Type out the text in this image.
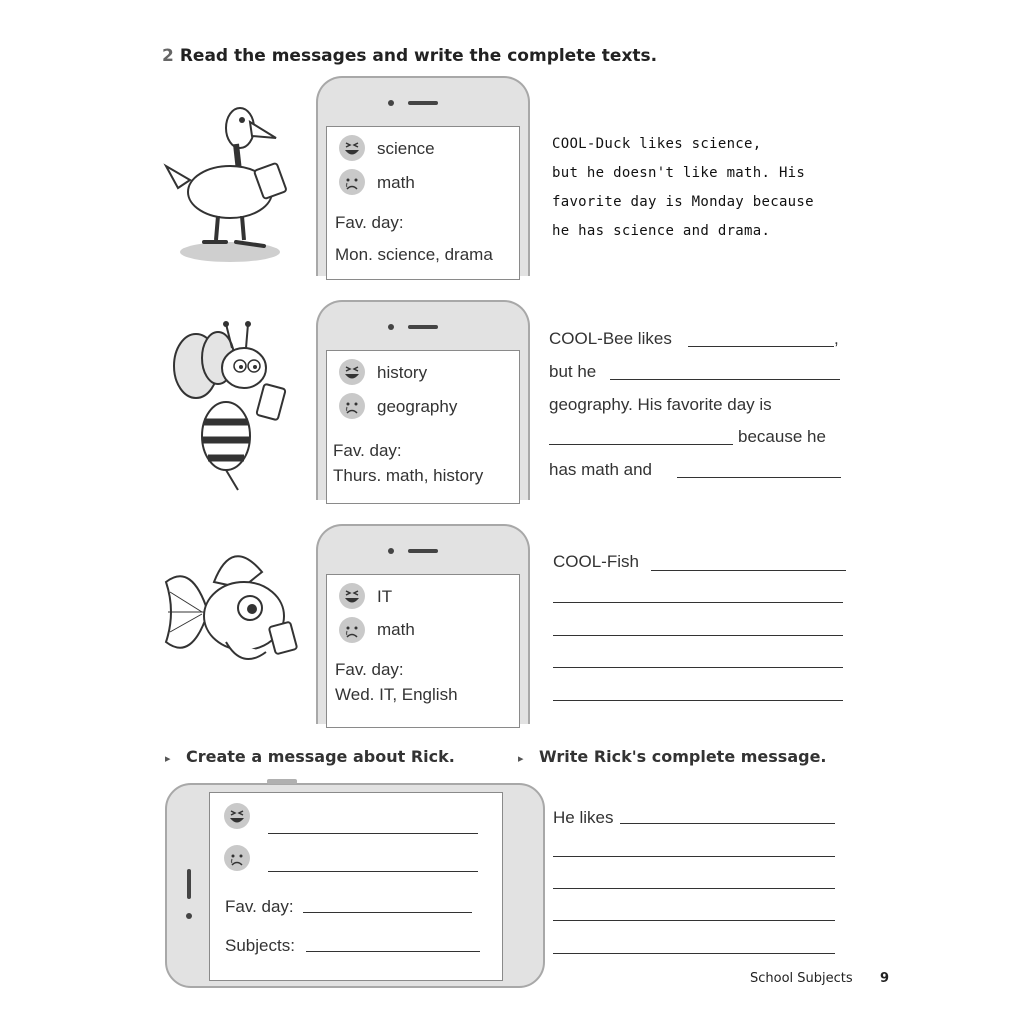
2 Read the messages and write the complete texts.
science
math
Fav. day:
Mon. science, drama
COOL-Duck likes science,
but he doesn't like math. His
favorite day is Monday because
he has science and drama.
history
geography
Fav. day:
Thurs. math, history
COOL-Bee likes	,
but he
geography. His favorite day is
because he
has math and
IT
math
Fav. day:
Wed. IT, English
COOL-Fish
▸ Create a message about Rick.	▸ Write Rick's complete message.
Fav. day:
Subjects:
He likes
School Subjects 9
